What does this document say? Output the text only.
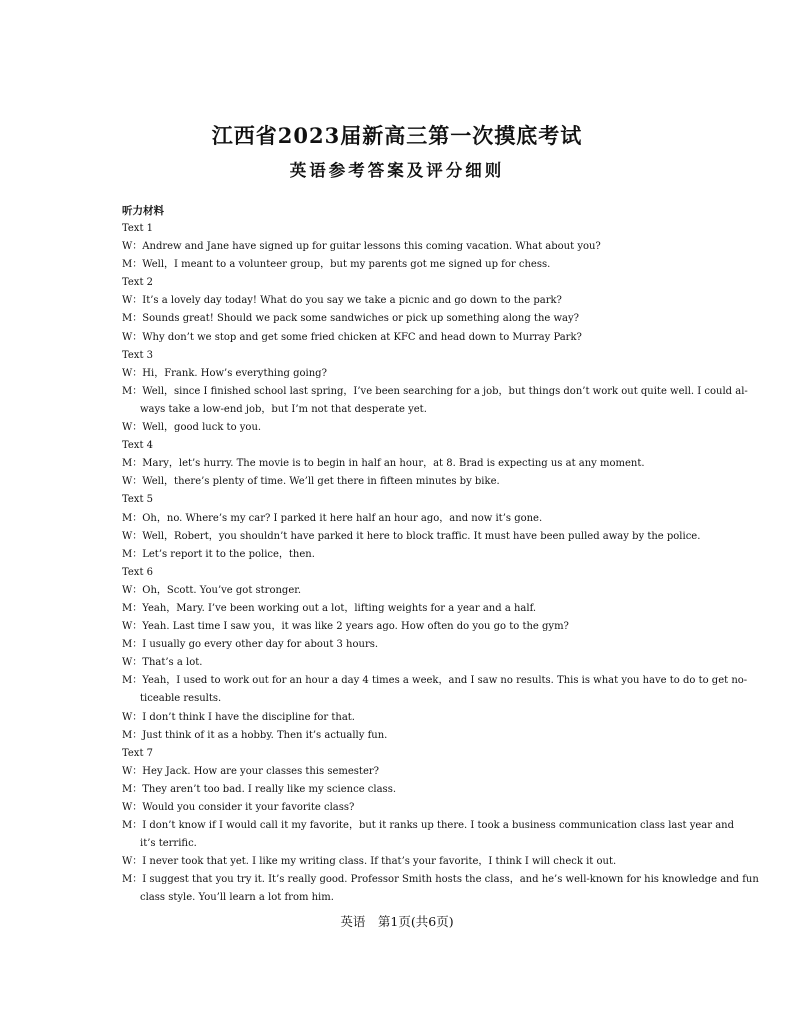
江西省2023届新高三第一次摸底考试
英语参考答案及评分细则
听力材料
Text 1
W：Andrew and Jane have signed up for guitar lessons this coming vacation. What about you?
M：Well，I meant to a volunteer group，but my parents got me signed up for chess.
Text 2
W：It’s a lovely day today! What do you say we take a picnic and go down to the park?
M：Sounds great! Should we pack some sandwiches or pick up something along the way?
W：Why don’t we stop and get some fried chicken at KFC and head down to Murray Park?
Text 3
W：Hi，Frank. How’s everything going?
M：Well，since I finished school last spring，I’ve been searching for a job，but things don’t work out quite well. I could al-
ways take a low-end job，but I’m not that desperate yet.
W：Well，good luck to you.
Text 4
M：Mary，let’s hurry. The movie is to begin in half an hour，at 8. Brad is expecting us at any moment.
W：Well，there’s plenty of time. We’ll get there in fifteen minutes by bike.
Text 5
M：Oh，no. Where’s my car? I parked it here half an hour ago，and now it’s gone.
W：Well，Robert，you shouldn’t have parked it here to block traffic. It must have been pulled away by the police.
M：Let’s report it to the police，then.
Text 6
W：Oh，Scott. You’ve got stronger.
M：Yeah，Mary. I’ve been working out a lot，lifting weights for a year and a half.
W：Yeah. Last time I saw you，it was like 2 years ago. How often do you go to the gym?
M：I usually go every other day for about 3 hours.
W：That’s a lot.
M：Yeah，I used to work out for an hour a day 4 times a week，and I saw no results. This is what you have to do to get no-
ticeable results.
W：I don’t think I have the discipline for that.
M：Just think of it as a hobby. Then it’s actually fun.
Text 7
W：Hey Jack. How are your classes this semester?
M：They aren’t too bad. I really like my science class.
W：Would you consider it your favorite class?
M：I don’t know if I would call it my favorite，but it ranks up there. I took a business communication class last year and
it’s terrific.
W：I never took that yet. I like my writing class. If that’s your favorite，I think I will check it out.
M：I suggest that you try it. It’s really good. Professor Smith hosts the class，and he’s well-known for his knowledge and fun
class style. You’ll learn a lot from him.
英语　第1页(共6页)
